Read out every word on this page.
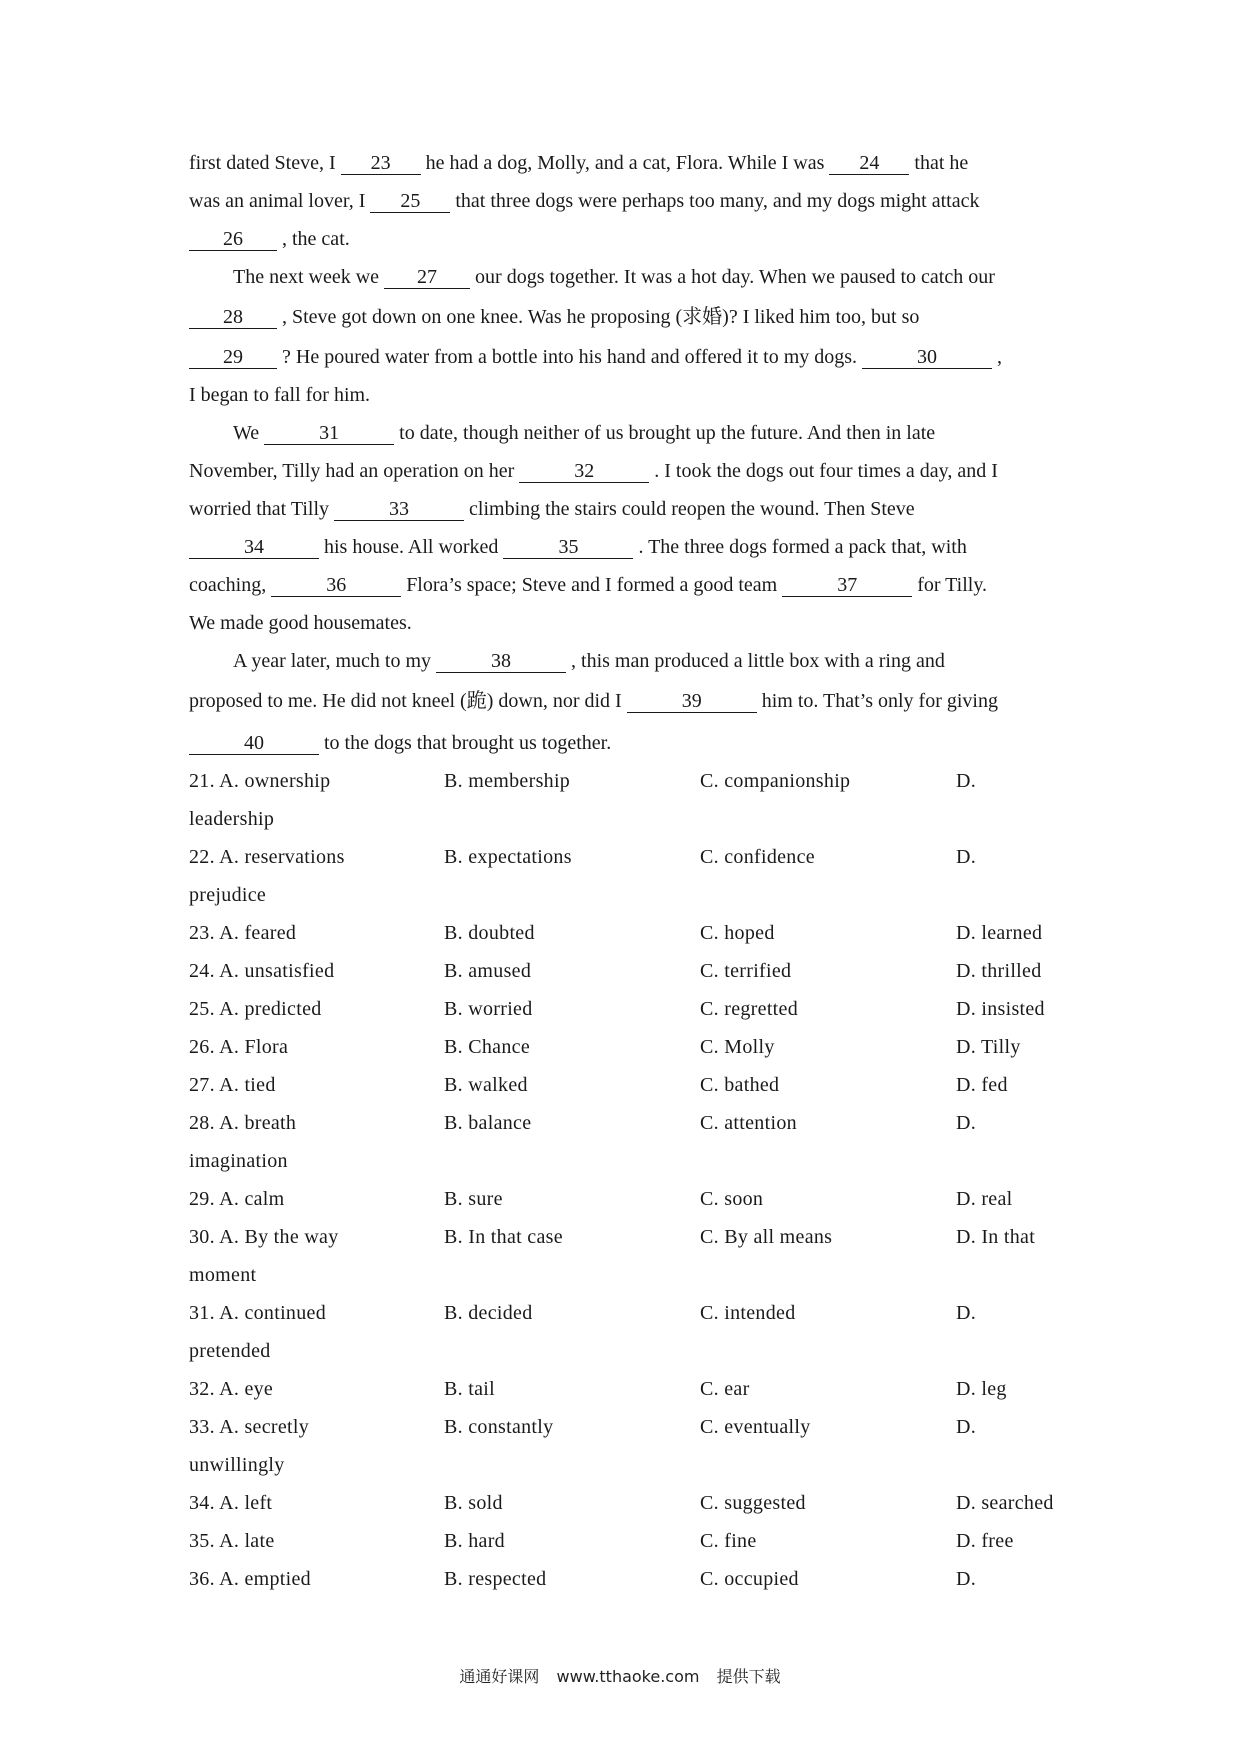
first dated Steve, I 23 he had a dog, Molly, and a cat, Flora. While I was 24 that he
was an animal lover, I 25 that three dogs were perhaps too many, and my dogs might attack
26 , the cat.
The next week we 27 our dogs together. It was a hot day. When we paused to catch our
28 , Steve got down on one knee. Was he proposing (求婚)? I liked him too, but so
29 ? He poured water from a bottle into his hand and offered it to my dogs.	30	,
I began to fall for him.
We	31	to date, though neither of us brought up the future. And then in late
November, Tilly had an operation on her	32	. I took the dogs out four times a day, and I
worried that Tilly	33	climbing the stairs could reopen the wound. Then Steve
34	his house. All worked	35	. The three dogs formed a pack that, with
coaching,	36	Flora’s space; Steve and I formed a good team	37	for Tilly.
We made good housemates.
A year later, much to my	38	, this man produced a little box with a ring and
proposed to me. He did not kneel (跪) down, nor did I	39	him to. That’s only for giving
40	to the dogs that brought us together.
21. A. ownership	B. membership	C. companionship	D.
leadership
22. A. reservations	B. expectations	C. confidence	D.
prejudice
23. A. feared	B. doubted	C. hoped	D. learned
24. A. unsatisfied	B. amused	C. terrified	D. thrilled
25. A. predicted	B. worried	C. regretted	D. insisted
26. A. Flora	B. Chance	C. Molly	D. Tilly
27. A. tied	B. walked	C. bathed	D. fed
28. A. breath	B. balance	C. attention	D.
imagination
29. A. calm	B. sure	C. soon	D. real
30. A. By the way	B. In that case	C. By all means	D. In that
moment
31. A. continued	B. decided	C. intended	D.
pretended
32. A. eye	B. tail	C. ear	D. leg
33. A. secretly	B. constantly	C. eventually	D.
unwillingly
34. A. left	B. sold	C. suggested	D. searched
35. A. late	B. hard	C. fine	D. free
36. A. emptied	B. respected	C. occupied	D.
通通好课网 www.tthaoke.com 提供下载
